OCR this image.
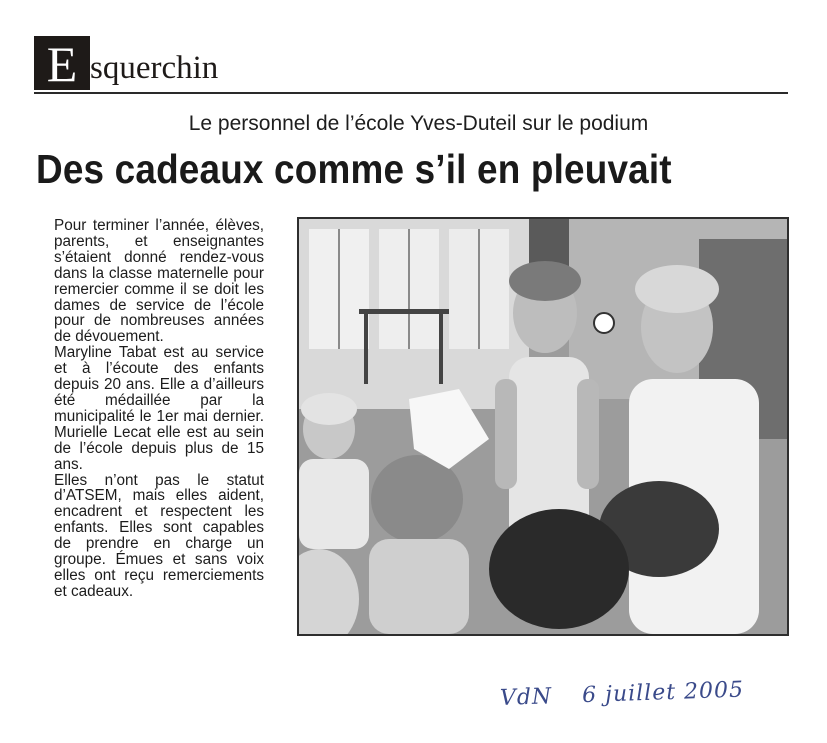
E squerchin
Le personnel de l’école Yves-Duteil sur le podium
Des cadeaux comme s’il en pleuvait

Pour terminer l’année, élèves, parents, et enseignantes s’étaient donné rendez-vous dans la classe maternelle pour remercier comme il se doit les dames de service de l’école pour de nombreuses années de dévouement.

Maryline Tabat est au service et à l’écoute des enfants depuis 20 ans. Elle a d’ailleurs été médaillée par la municipalité le 1er mai dernier. Murielle Lecat elle est au sein de l’école depuis plus de 15 ans.

Elles n’ont pas le statut d’ATSEM, mais elles aident, encadrent et respectent les enfants. Elles sont capables de prendre en charge un groupe. Émues et sans voix elles ont reçu remerciements et cadeaux.

VdN 6 juillet 2005
